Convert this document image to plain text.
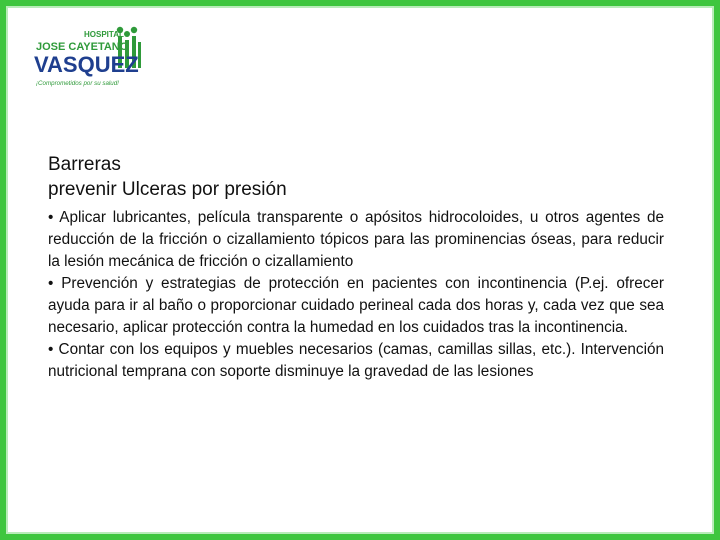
HOSPITAL
JOSE CAYETANO
VASQUEZ
¡Comprometidos por su salud!
Barreras
prevenir Ulceras por presión
• Aplicar lubricantes, película transparente o apósitos hidrocoloides, u otros agentes de reducción de la fricción o cizallamiento tópicos para las prominencias óseas, para reducir la lesión mecánica de fricción o cizallamiento
• Prevención y estrategias de protección en pacientes con incontinencia (P.ej. ofrecer ayuda para ir al baño o proporcionar cuidado perineal cada dos horas y, cada vez que sea necesario, aplicar protección contra la humedad en los cuidados tras la incontinencia.
• Contar con los equipos y muebles necesarios (camas, camillas sillas, etc.). Intervención nutricional temprana con soporte disminuye la gravedad de las lesiones
